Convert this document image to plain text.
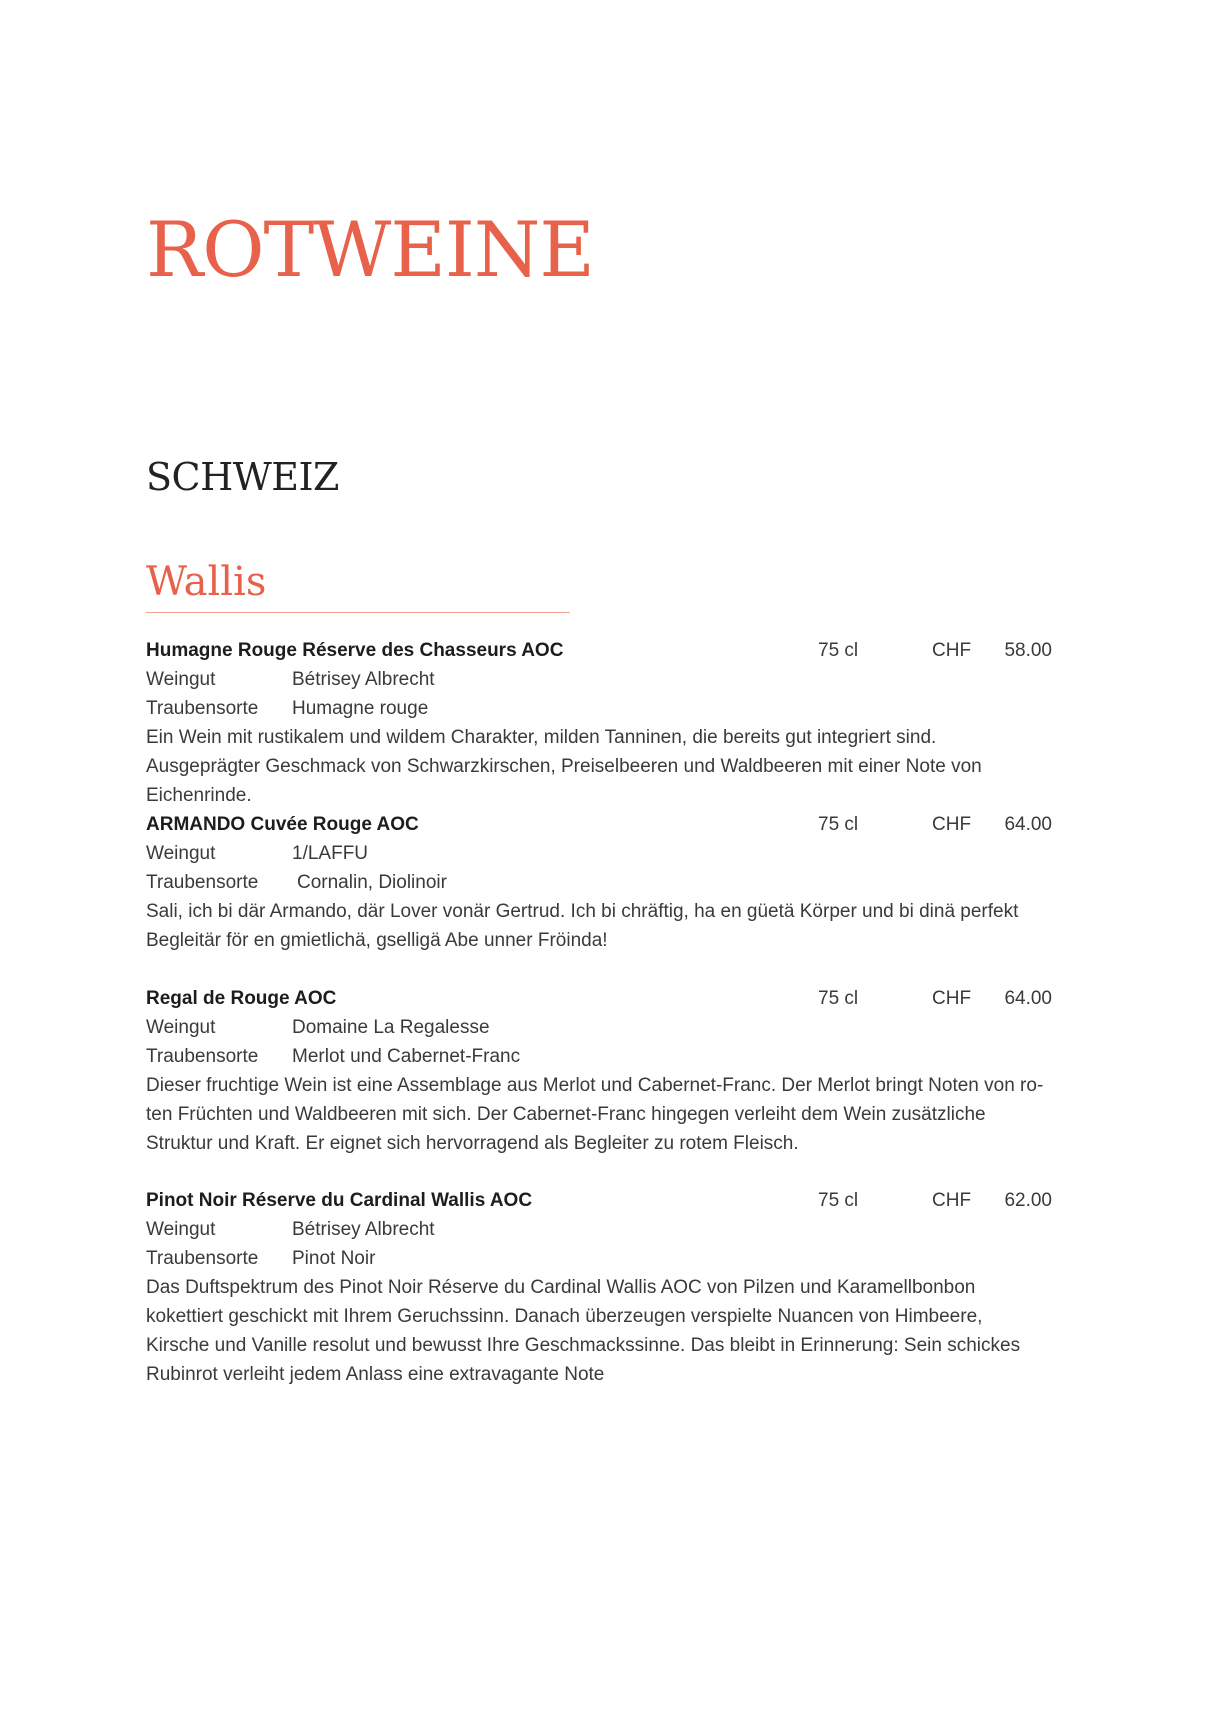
ROTWEINE
SCHWEIZ
Wallis
Humagne Rouge Réserve des Chasseurs AOC	75 cl	CHF 58.00
Weingut	Bétrisey Albrecht
Traubensorte Humagne rouge

Ein Wein mit rustikalem und wildem Charakter, milden Tanninen, die bereits gut integriert sind. Ausgeprägter Geschmack von Schwarzkirschen, Preiselbeeren und Waldbeeren mit einer Note von Eichenrinde.

ARMANDO Cuvée Rouge AOC	75 cl	CHF 64.00
Weingut	1/LAFFU
Traubensorte Cornalin, Diolinoir

Sali, ich bi där Armando, där Lover vonär Gertrud. Ich bi chräftig, ha en güetä Körper und bi dinä perfekt Begleitär för en gmietlichä, gselligä Abe unner Fröinda!

Regal de Rouge AOC	75 cl	CHF 64.00
Weingut	Domaine La Regalesse
Traubensorte Merlot und Cabernet-Franc

Dieser fruchtige Wein ist eine Assemblage aus Merlot und Cabernet-Franc. Der Merlot bringt Noten von ro-ten Früchten und Waldbeeren mit sich. Der Cabernet-Franc hingegen verleiht dem Wein zusätzliche Struktur und Kraft. Er eignet sich hervorragend als Begleiter zu rotem Fleisch.

Pinot Noir Réserve du Cardinal Wallis AOC	75 cl	CHF 62.00
Weingut	Bétrisey Albrecht
Traubensorte Pinot Noir

Das Duftspektrum des Pinot Noir Réserve du Cardinal Wallis AOC von Pilzen und Karamellbonbon kokettiert geschickt mit Ihrem Geruchssinn. Danach überzeugen verspielte Nuancen von Himbeere, Kirsche und Vanille resolut und bewusst Ihre Geschmackssinne. Das bleibt in Erinnerung: Sein schickes Rubinrot verleiht jedem Anlass eine extravagante Note
